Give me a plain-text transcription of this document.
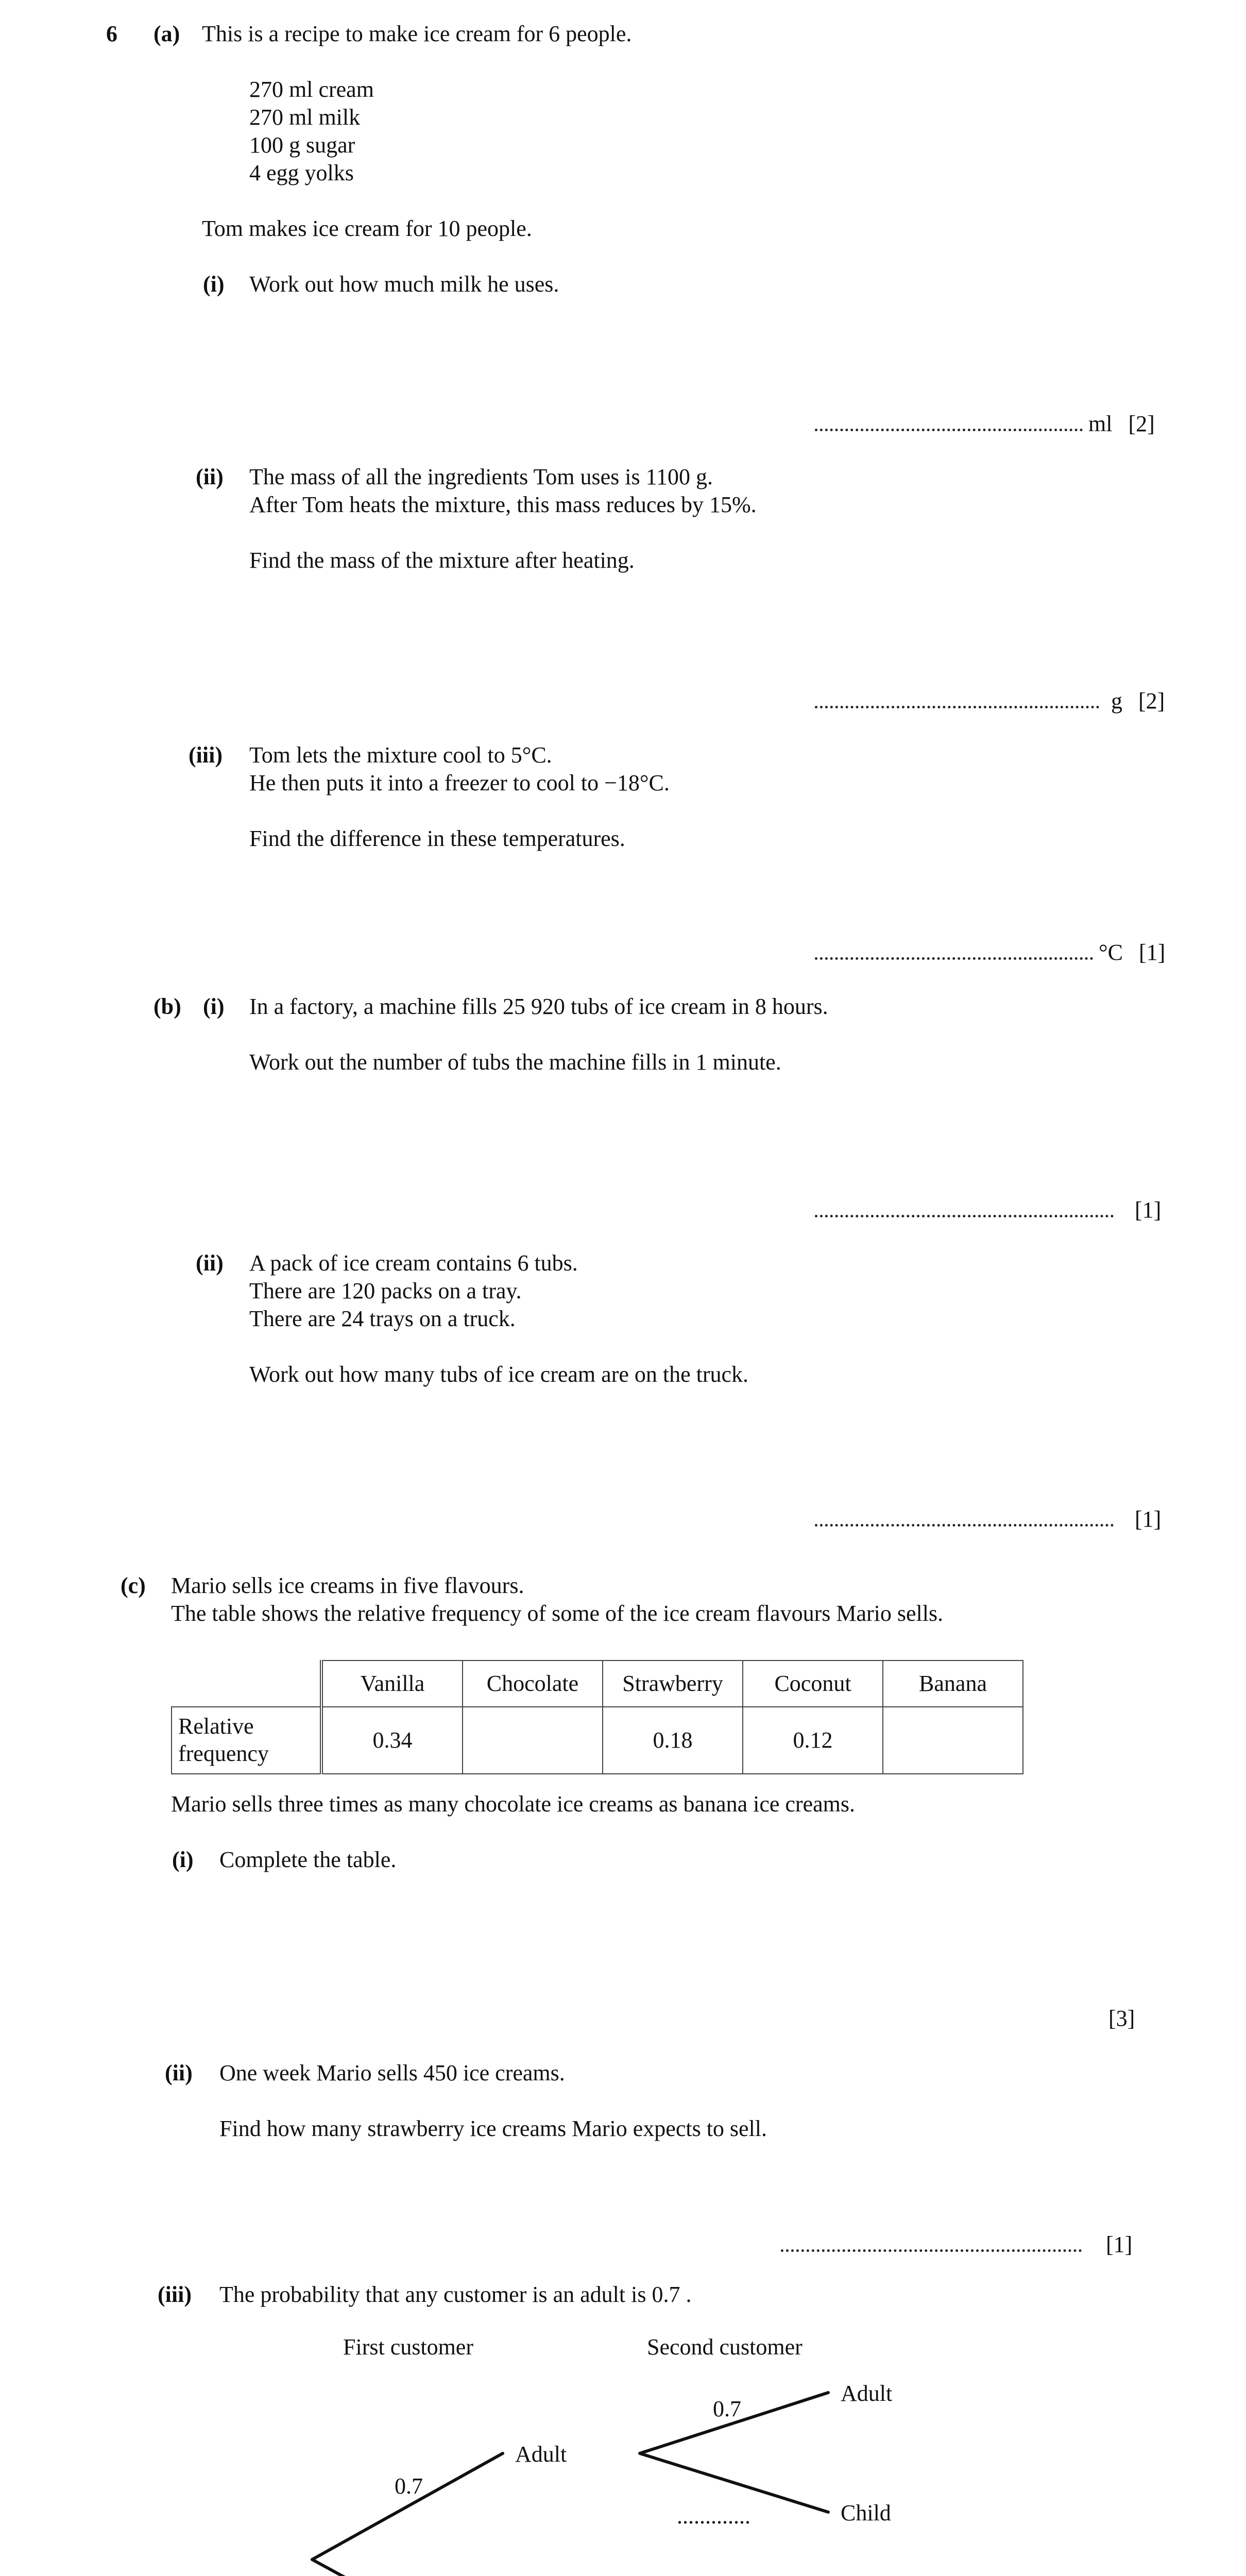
6 (a) This is a recipe to make ice cream for 6 people.
270 ml cream
270 ml milk
100 g sugar
4 egg yolks
Tom makes ice cream for 10 people.
(i) Work out how much milk he uses.
ml [2]
(ii) The mass of all the ingredients Tom uses is 1100 g.
After Tom heats the mixture, this mass reduces by 15%.
Find the mass of the mixture after heating.
g [2]
(iii) Tom lets the mixture cool to 5°C.
He then puts it into a freezer to cool to −18°C.
Find the difference in these temperatures.
°C [1]
(b) (i) In a factory, a machine fills 25 920 tubs of ice cream in 8 hours.
Work out the number of tubs the machine fills in 1 minute.
[1]
(ii) A pack of ice cream contains 6 tubs.
There are 120 packs on a tray.
There are 24 trays on a truck.
Work out how many tubs of ice cream are on the truck.
[1]
(c) Mario sells ice creams in five flavours.
The table shows the relative frequency of some of the ice cream flavours Mario sells.
	Vanilla	Chocolate	Strawberry	Coconut	Banana
Relative frequency	0.34		0.18	0.12	
Mario sells three times as many chocolate ice creams as banana ice creams.
(i) Complete the table.
[3]
(ii) One week Mario sells 450 ice creams.
Find how many strawberry ice creams Mario expects to sell.
[1]
(iii) The probability that any customer is an adult is 0.7 .
First customer	Second customer
0.7
Adult
0.7
.............
Adult
Child
